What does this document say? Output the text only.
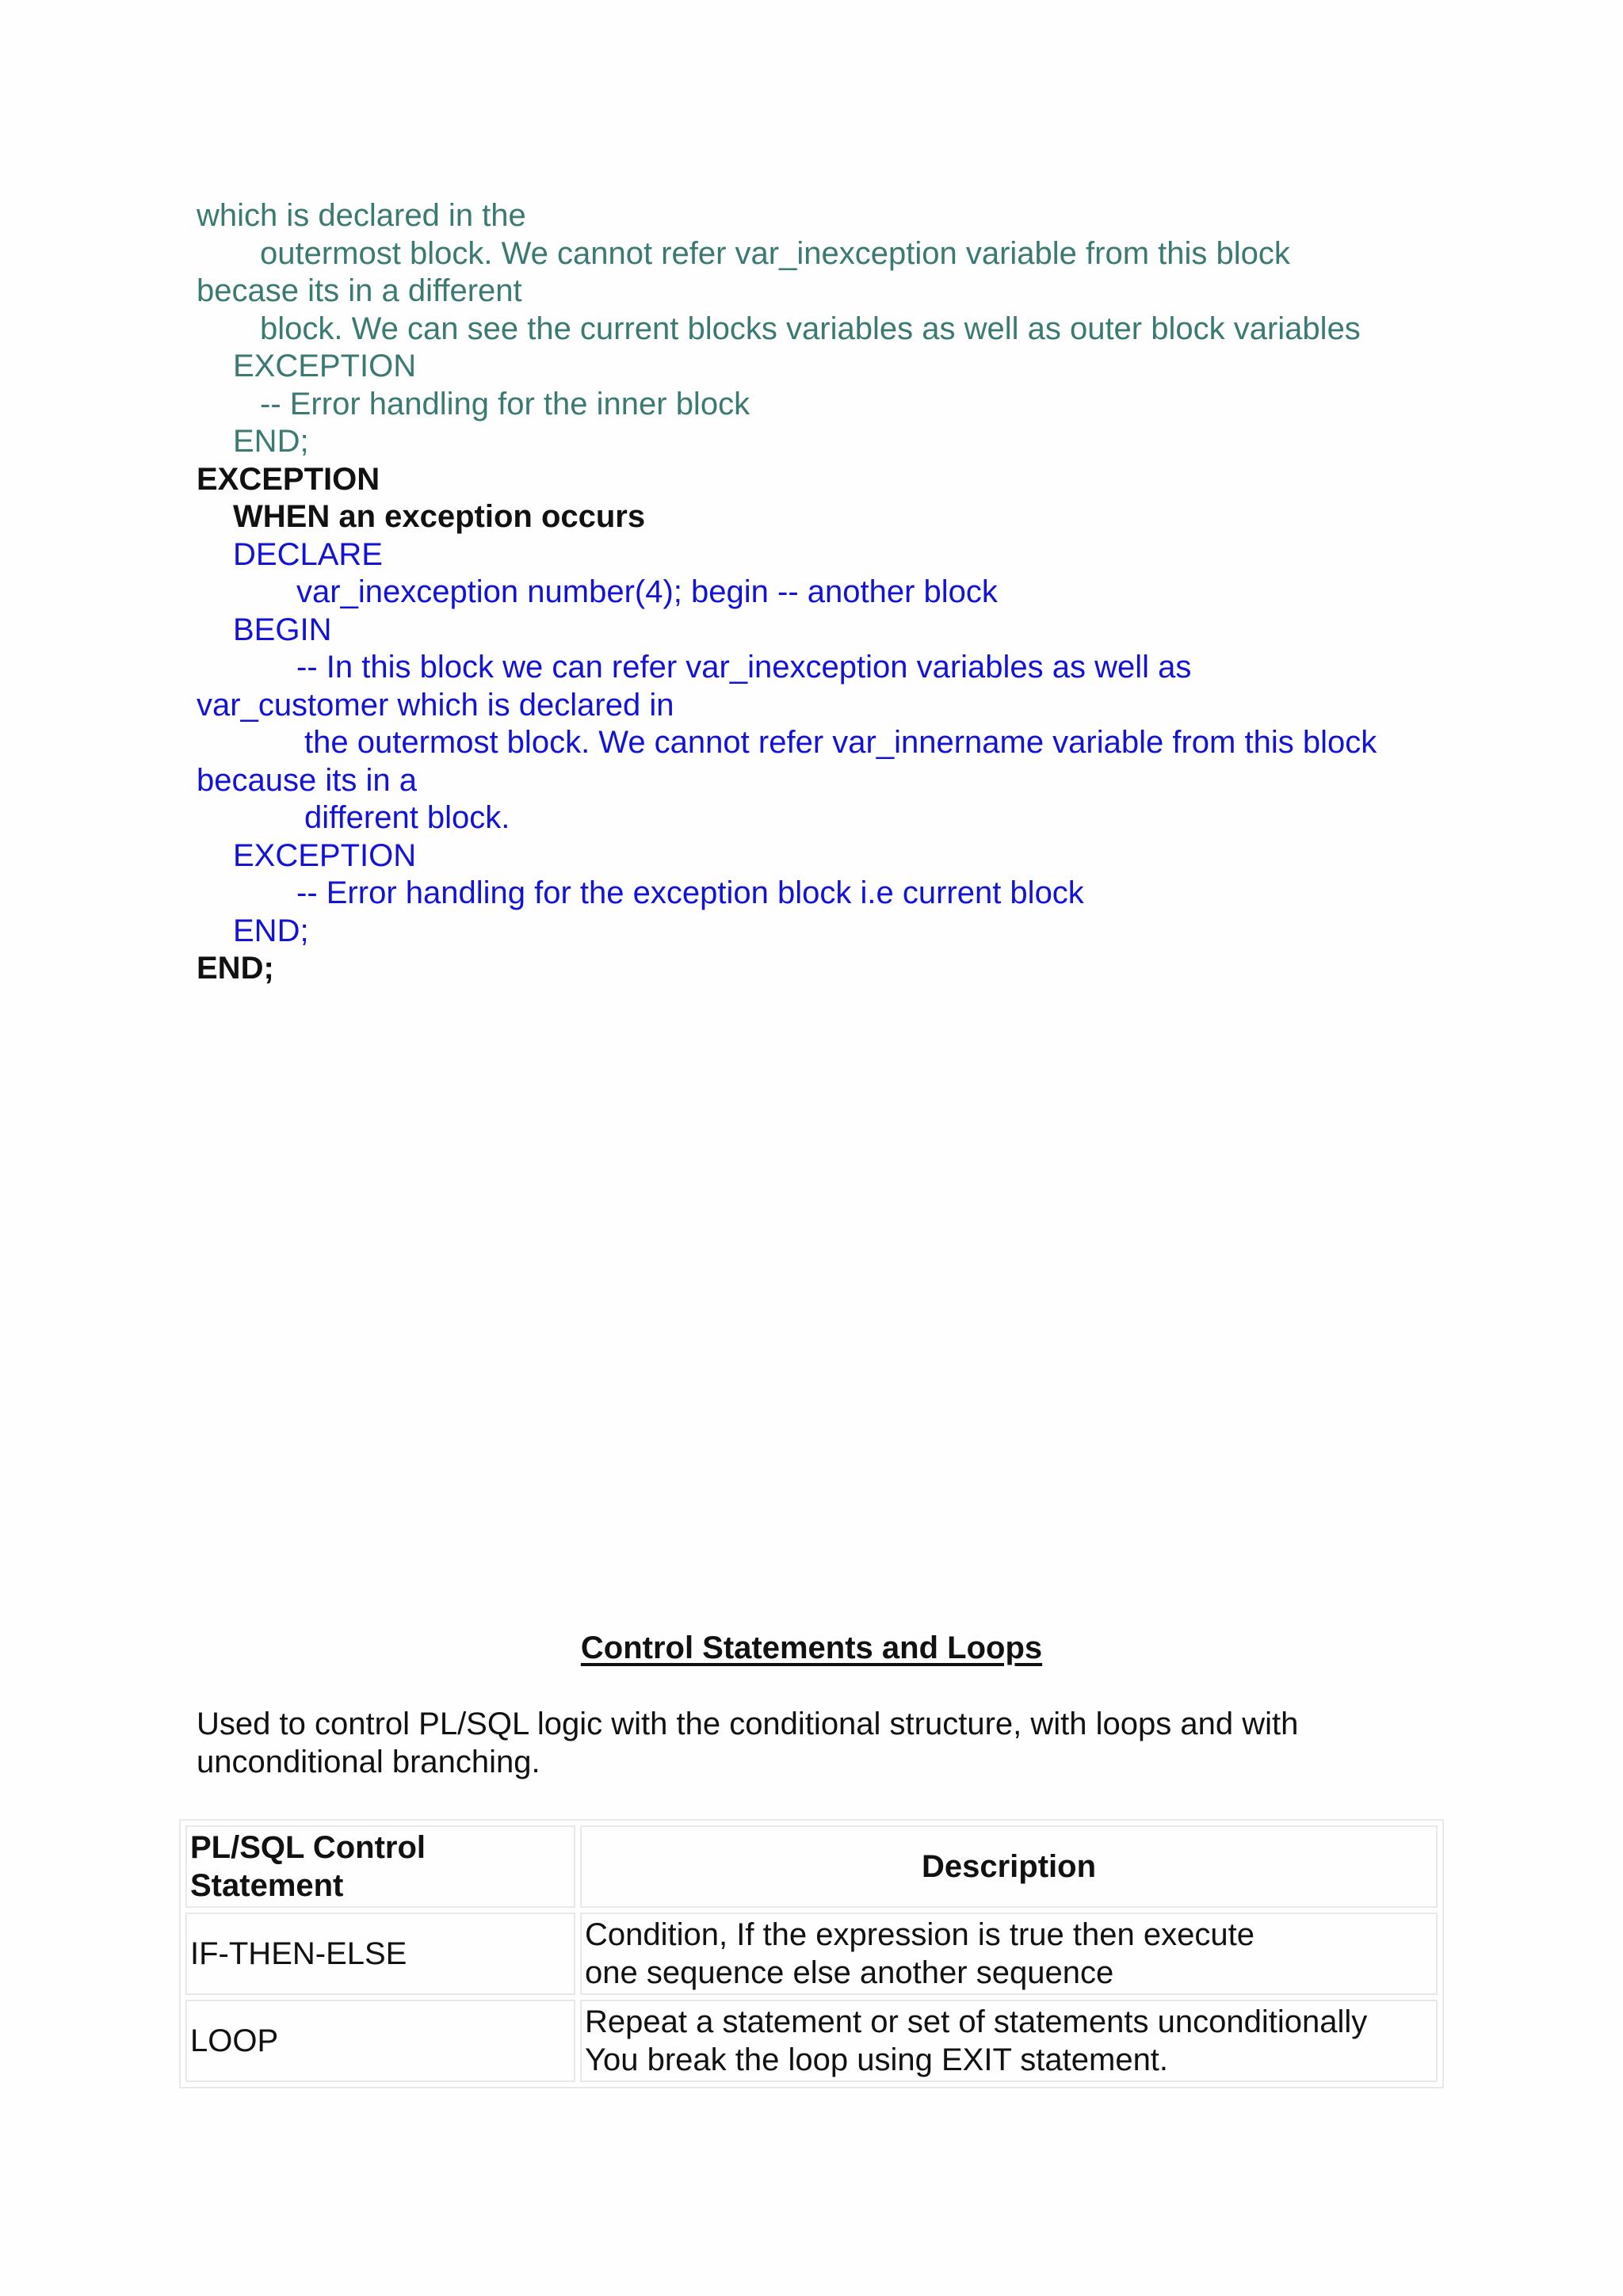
which is declared in the

outermost block. We cannot refer var_inexception variable from this block

becase its in a different

block. We can see the current blocks variables as well as outer block variables

EXCEPTION

-- Error handling for the inner block

END;

EXCEPTION

WHEN an exception occurs

DECLARE

var_inexception number(4); begin -- another block

BEGIN

-- In this block we can refer var_inexception variables as well as

var_customer which is declared in

the outermost block. We cannot refer var_innername variable from this block

because its in a

different block.

EXCEPTION

-- Error handling for the exception block i.e current block

END;

END;

Control Statements and Loops

Used to control PL/SQL logic with the conditional structure, with loops and with
unconditional branching.

PL/SQL Control
Statement	Description
IF-THEN-ELSE	Condition, If the expression is true then execute
one sequence else another sequence
LOOP	Repeat a statement or set of statements unconditionally
You break the loop using EXIT statement.
